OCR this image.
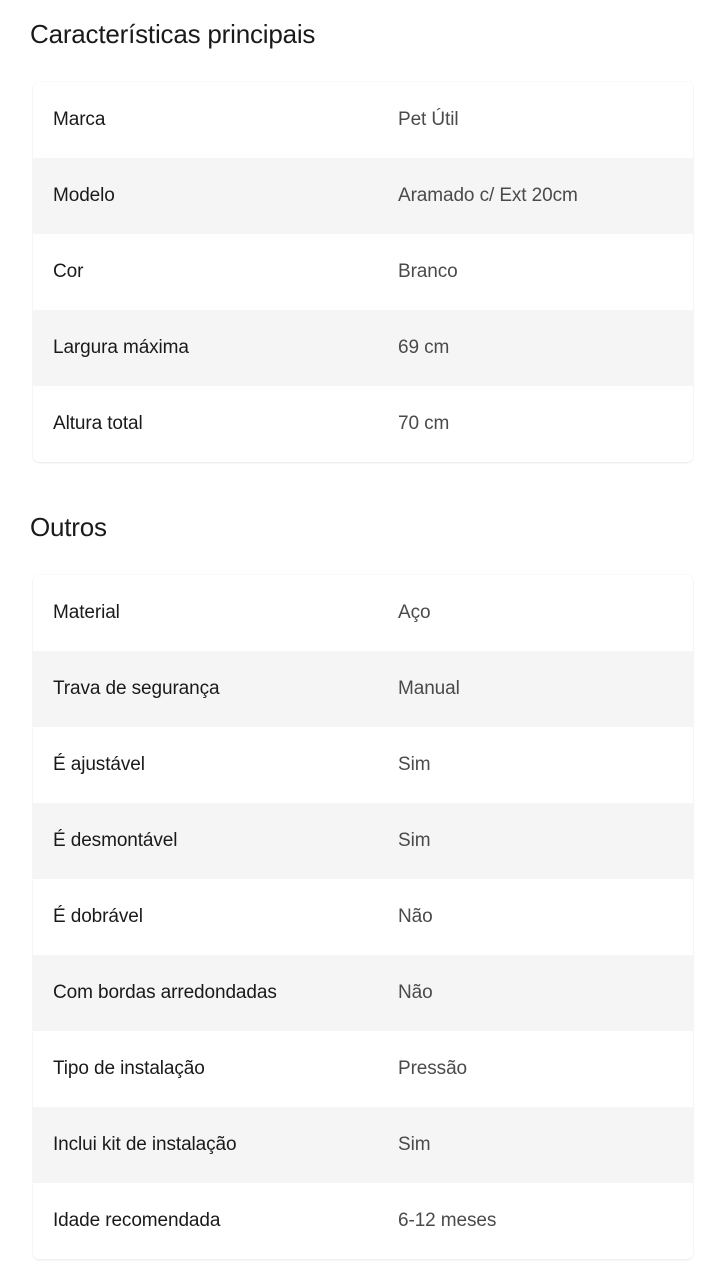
Características principais
Marca	Pet Útil
Modelo	Aramado c/ Ext 20cm
Cor	Branco
Largura máxima	69 cm
Altura total	70 cm
Outros
Material	Aço
Trava de segurança	Manual
É ajustável	Sim
É desmontável	Sim
É dobrável	Não
Com bordas arredondadas	Não
Tipo de instalação	Pressão
Inclui kit de instalação	Sim
Idade recomendada	6-12 meses
